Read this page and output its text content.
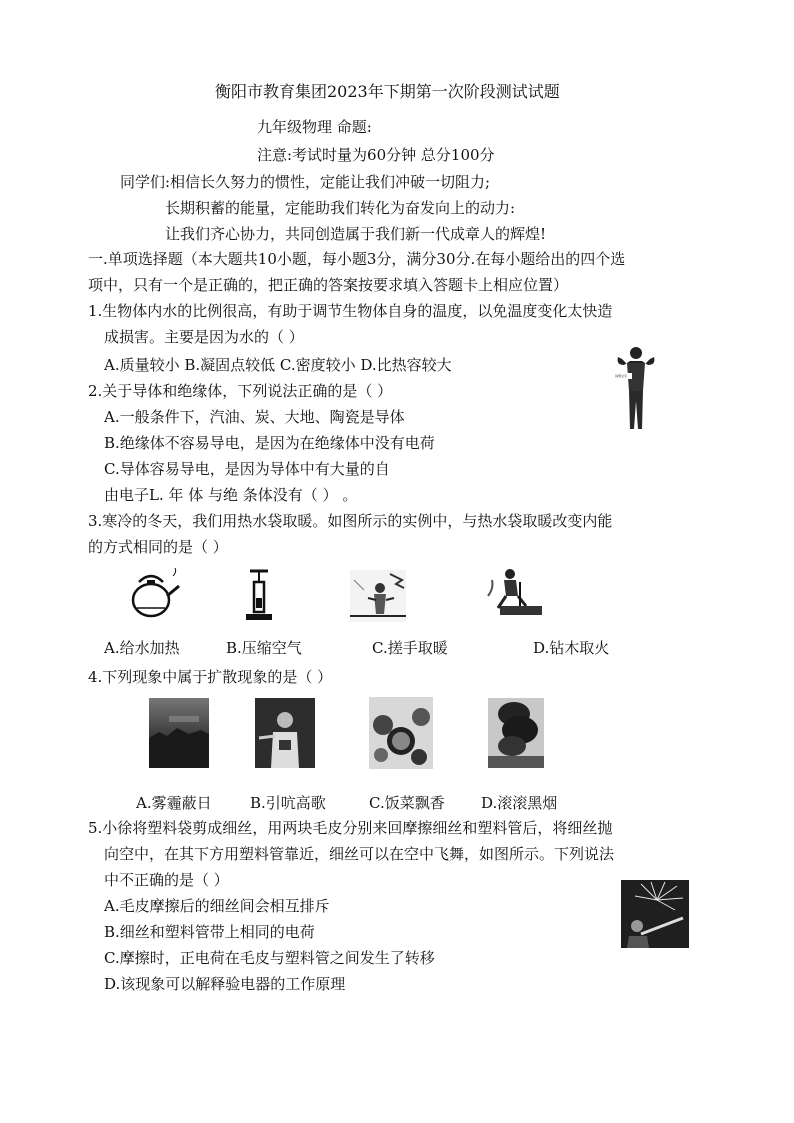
衡阳市教育集团2023年下期第一次阶段测试试题
九年级物理 命题:
注意:考试时量为60分钟 总分100分
同学们:相信长久努力的惯性，定能让我们冲破一切阻力;
长期积蓄的能量，定能助我们转化为奋发向上的动力:
让我们齐心协力，共同创造属于我们新一代成章人的辉煌!
一.单项选择题（本大题共10小题，每小题3分，满分30分.在每小题给出的四个选
项中，只有一个是正确的，把正确的答案按要求填入答题卡上相应位置）
1.生物体内水的比例很高，有助于调节生物体自身的温度，以免温度变化太快造
成损害。主要是因为水的（ ）
A.质量较小 B.凝固点较低 C.密度较小 D.比热容较大
说明文字
2.关于导体和绝缘体，下列说法正确的是（ ）
A.一般条件下，汽油、炭、大地、陶瓷是导体
B.绝缘体不容易导电，是因为在绝缘体中没有电荷
C.导体容易导电，是因为导体中有大量的自
由电子L. 年 体 与绝 条体没有（ ） 。
3.寒冷的冬天，我们用热水袋取暖。如图所示的实例中，与热水袋取暖改变内能
的方式相同的是（ ）
A.给水加热	B.压缩空气	C.搓手取暖	D.钻木取火
4.下列现象中属于扩散现象的是（ ）
A.雾霾蔽日	B.引吭高歌	C.饭菜飘香 D.滚滚黑烟
5.小徐将塑料袋剪成细丝，用两块毛皮分别来回摩擦细丝和塑料管后，将细丝抛
向空中，在其下方用塑料管靠近，细丝可以在空中飞舞，如图所示。下列说法
中不正确的是（ ）
A.毛皮摩擦后的细丝间会相互排斥
B.细丝和塑料管带上相同的电荷
C.摩擦时，正电荷在毛皮与塑料管之间发生了转移
D.该现象可以解释验电器的工作原理
